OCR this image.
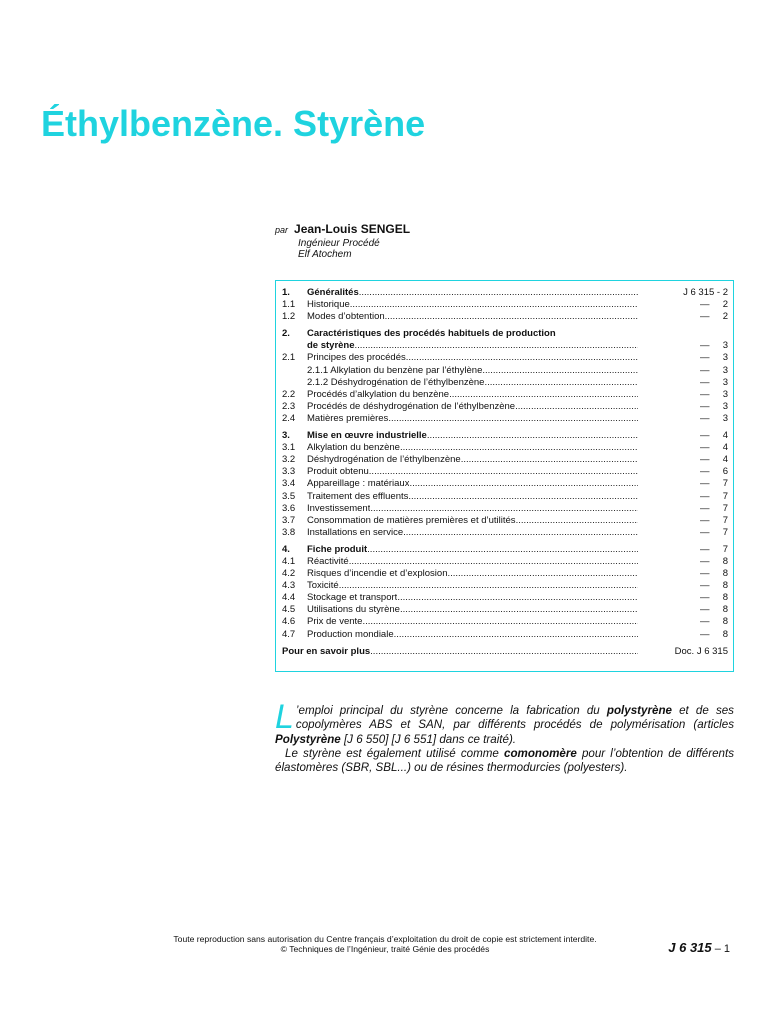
Éthylbenzène. Styrène
par Jean-Louis SENGEL
Ingénieur Procédé
Elf Atochem
1.	Généralités .....	J 6 315 - 2
1.1	Historique .....	—     2
1.2	Modes d’obtention .....	—     2
2.	Caractéristiques des procédés habituels de production
de styrène .....	—     3
2.1	Principes des procédés .....	—     3
2.1.1 Alkylation du benzène par l’éthylène .....	—     3
2.1.2 Déshydrogénation de l’éthylbenzène .....	—     3
2.2	Procédés d’alkylation du benzène .....	—     3
2.3	Procédés de déshydrogénation de l’éthylbenzène .....	—     3
2.4	Matières premières .....	—     3
3.	Mise en œuvre industrielle .....	—     4
3.1	Alkylation du benzène .....	—     4
3.2	Déshydrogénation de l’éthylbenzène .....	—     4
3.3	Produit obtenu .....	—     6
3.4	Appareillage : matériaux .....	—     7
3.5	Traitement des effluents .....	—     7
3.6	Investissement .....	—     7
3.7	Consommation de matières premières et d’utilités .....	—     7
3.8	Installations en service .....	—     7
4.	Fiche produit .....	—     7
4.1	Réactivité .....	—     8
4.2	Risques d’incendie et d’explosion .....	—     8
4.3	Toxicité .....	—     8
4.4	Stockage et transport .....	—     8
4.5	Utilisations du styrène .....	—     8
4.6	Prix de vente .....	—     8
4.7	Production mondiale .....	—     8
Pour en savoir plus .....	Doc. J 6 315

L ’emploi principal du styrène concerne la fabrication du polystyrène et de ses copolymères ABS et SAN, par différents procédés de polymérisation (articles Polystyrène [J 6 550] [J 6 551] dans ce traité).

Le styrène est également utilisé comme comonomère pour l’obtention de différents élastomères (SBR, SBL...) ou de résines thermodurcies (polyesters).

Toute reproduction sans autorisation du Centre français d’exploitation du droit de copie est strictement interdite.
© Techniques de l’Ingénieur, traité Génie des procédés	J 6 315 – 1
